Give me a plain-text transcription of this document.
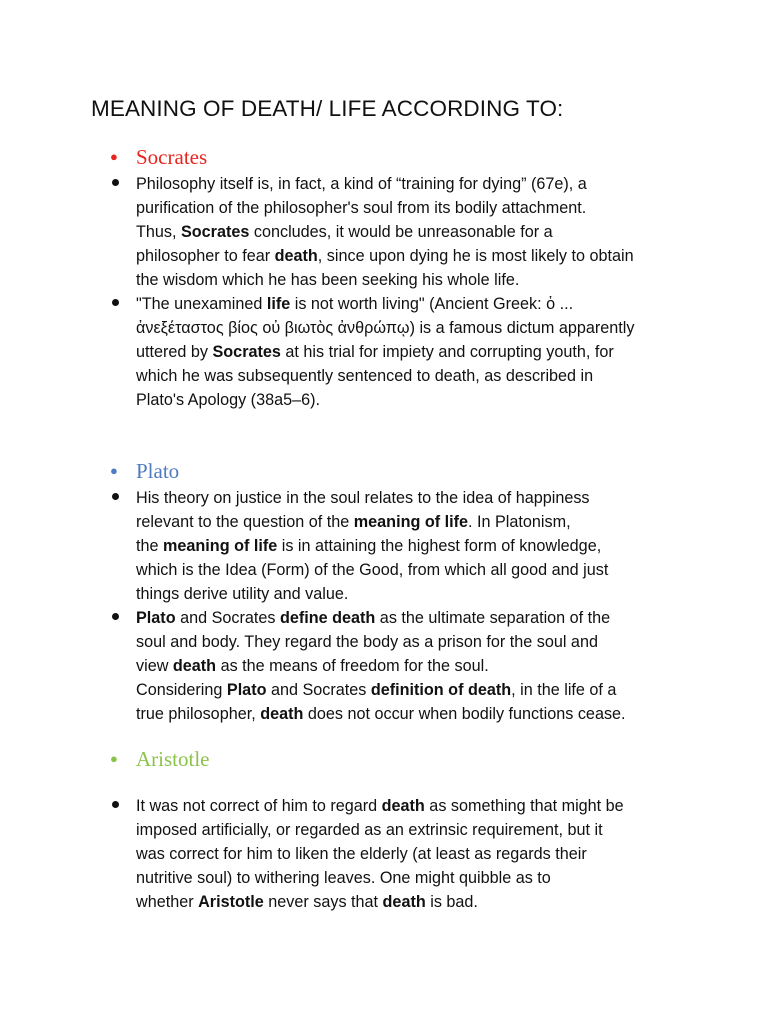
MEANING OF DEATH/ LIFE ACCORDING TO:
● Socrates

Philosophy itself is, in fact, a kind of “training for dying” (67e), a
purification of the philosopher's soul from its bodily attachment.
Thus, Socrates concludes, it would be unreasonable for a
philosopher to fear death, since upon dying he is most likely to obtain
the wisdom which he has been seeking his whole life.

"The unexamined life is not worth living" (Ancient Greek: ὁ ...
ἀνεξέταστος βίος οὐ βιωτὸς ἀνθρώπῳ) is a famous dictum apparently
uttered by Socrates at his trial for impiety and corrupting youth, for
which he was subsequently sentenced to death, as described in
Plato's Apology (38a5–6).

● Plato

His theory on justice in the soul relates to the idea of happiness
relevant to the question of the meaning of life. In Platonism,
the meaning of life is in attaining the highest form of knowledge,
which is the Idea (Form) of the Good, from which all good and just
things derive utility and value.

Plato and Socrates define death as the ultimate separation of the
soul and body. They regard the body as a prison for the soul and
view death as the means of freedom for the soul.
Considering Plato and Socrates definition of death, in the life of a
true philosopher, death does not occur when bodily functions cease.

● Aristotle

It was not correct of him to regard death as something that might be
imposed artificially, or regarded as an extrinsic requirement, but it
was correct for him to liken the elderly (at least as regards their
nutritive soul) to withering leaves. One might quibble as to
whether Aristotle never says that death is bad.
